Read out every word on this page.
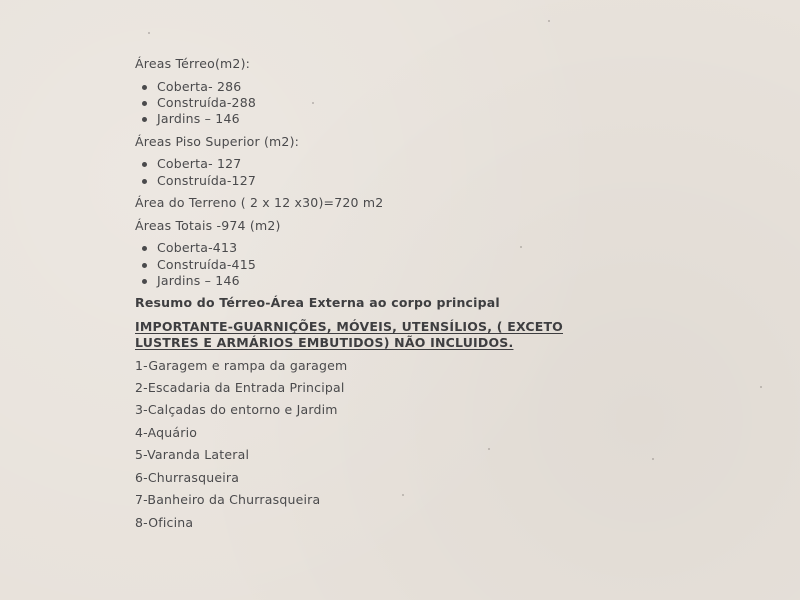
Áreas Térreo(m2):
Coberta- 286
Construída-288
Jardins – 146
Áreas Piso Superior (m2):
Coberta- 127
Construída-127
Área do Terreno ( 2 x 12 x30)=720 m2
Áreas Totais -974 (m2)
Coberta-413
Construída-415
Jardins – 146
Resumo do Térreo-Área Externa ao corpo principal
IMPORTANTE-GUARNIÇÕES, MÓVEIS, UTENSÍLIOS, ( EXCETO
LUSTRES E ARMÁRIOS EMBUTIDOS) NÃO INCLUIDOS.
1-Garagem e rampa da garagem
2-Escadaria da Entrada Principal
3-Calçadas do entorno e Jardim
4-Aquário
5-Varanda Lateral
6-Churrasqueira
7-Banheiro da Churrasqueira
8-Oficina
